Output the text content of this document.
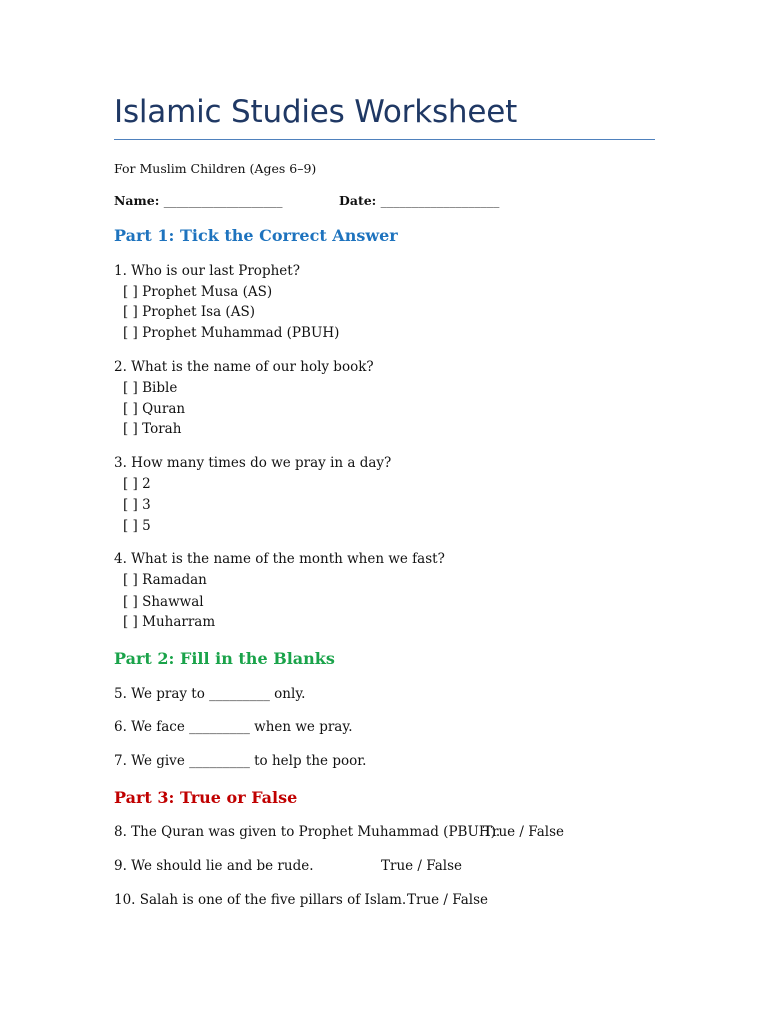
Islamic Studies Worksheet
For Muslim Children (Ages 6–9)
Name: ___________________	Date: ___________________
Part 1: Tick the Correct Answer
1. Who is our last Prophet?
[ ] Prophet Musa (AS)
[ ] Prophet Isa (AS)
[ ] Prophet Muhammad (PBUH)
2. What is the name of our holy book?
[ ] Bible
[ ] Quran
[ ] Torah
3. How many times do we pray in a day?
[ ] 2
[ ] 3
[ ] 5
4. What is the name of the month when we fast?
[ ] Ramadan
[ ] Shawwal
[ ] Muharram
Part 2: Fill in the Blanks
5. We pray to _________ only.
6. We face _________ when we pray.
7. We give _________ to help the poor.
Part 3: True or False
8. The Quran was given to Prophet Muhammad (PBUH).
True / False
9. We should lie and be rude.	True / False
10. Salah is one of the five pillars of Islam. True / False
